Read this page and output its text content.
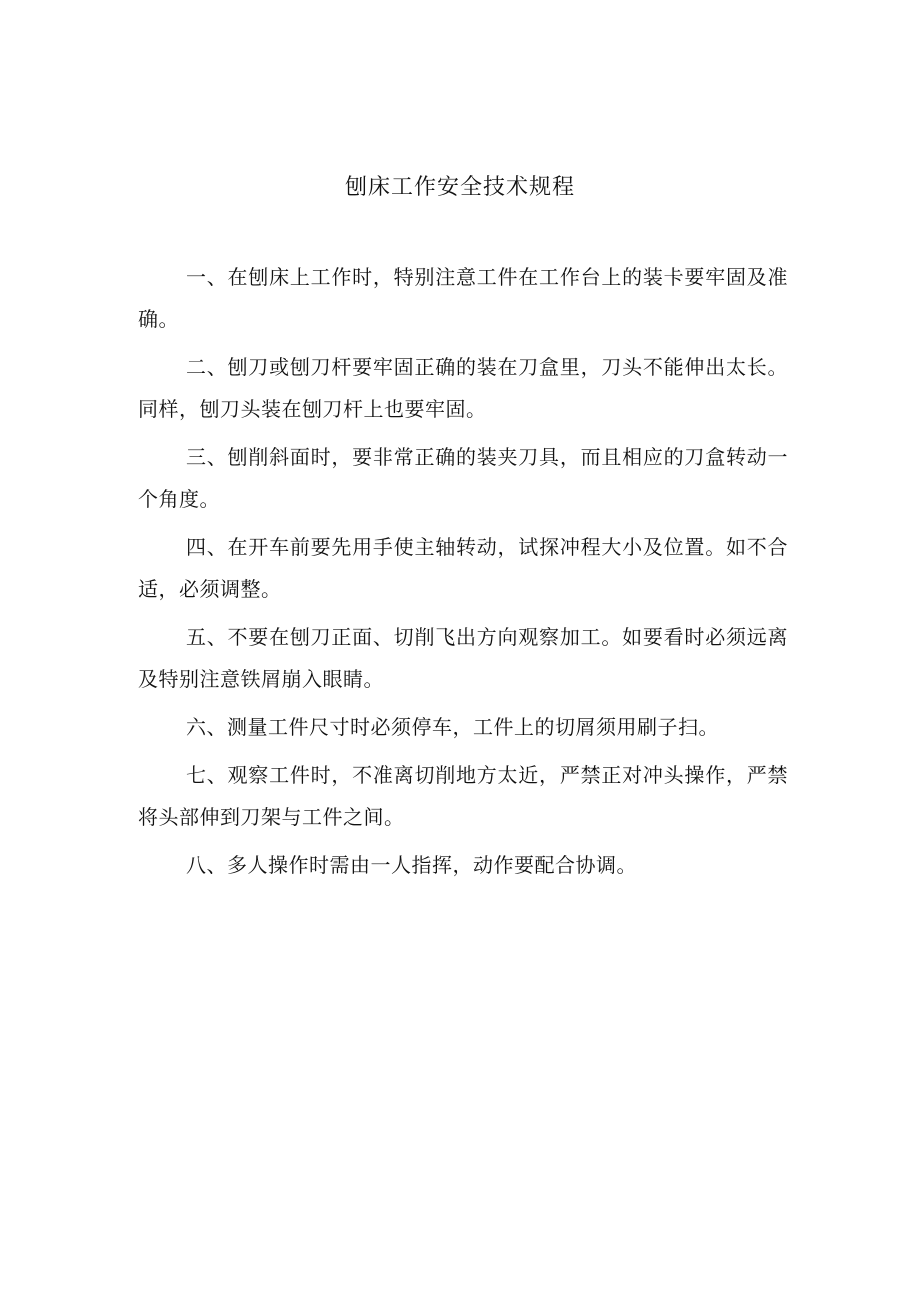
刨床工作安全技术规程

一、在刨床上工作时，特别注意工件在工作台上的装卡要牢固及准确。

二、刨刀或刨刀杆要牢固正确的装在刀盒里，刀头不能伸出太长。同样，刨刀头装在刨刀杆上也要牢固。

三、刨削斜面时，要非常正确的装夹刀具，而且相应的刀盒转动一个角度。

四、在开车前要先用手使主轴转动，试探冲程大小及位置。如不合适，必须调整。

五、不要在刨刀正面、切削飞出方向观察加工。如要看时必须远离及特别注意铁屑崩入眼睛。

六、测量工件尺寸时必须停车，工件上的切屑须用刷子扫。

七、观察工件时，不准离切削地方太近，严禁正对冲头操作，严禁将头部伸到刀架与工件之间。

八、多人操作时需由一人指挥，动作要配合协调。
